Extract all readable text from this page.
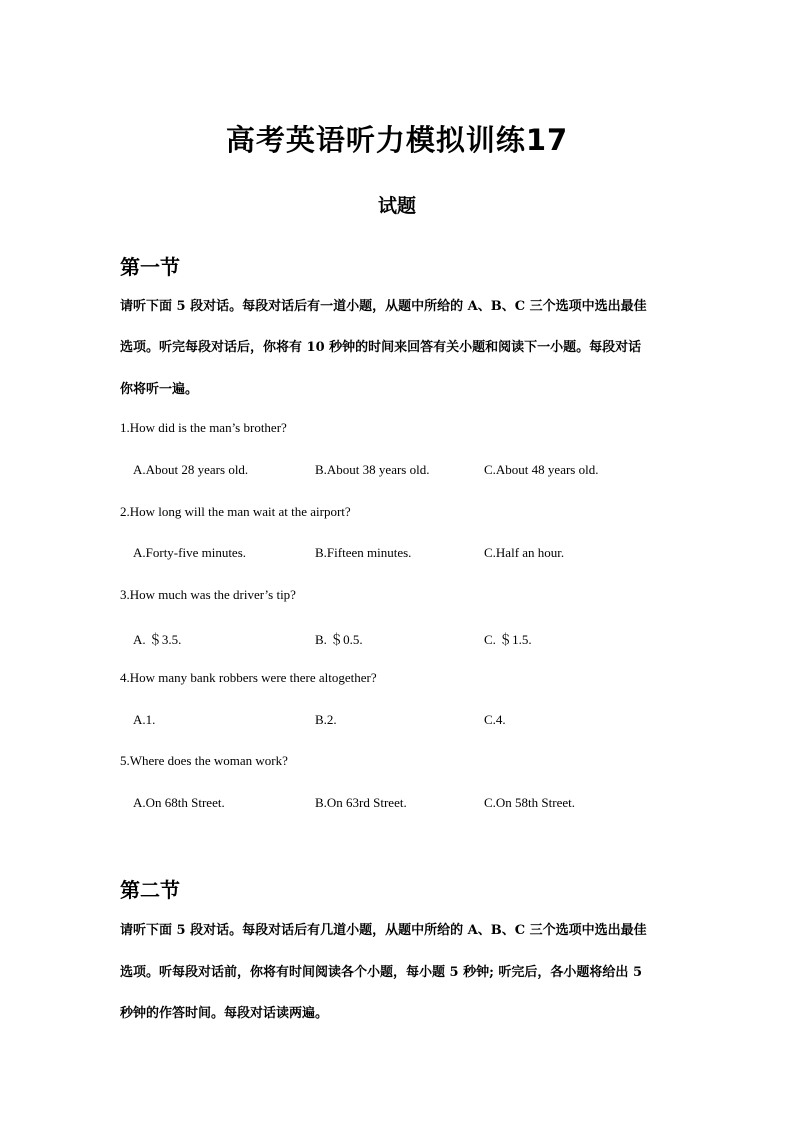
高考英语听力模拟训练17
试题
第一节
请听下面 5 段对话。每段对话后有一道小题，从题中所给的 A、B、C 三个选项中选出最佳
选项。听完每段对话后，你将有 10 秒钟的时间来回答有关小题和阅读下一小题。每段对话
你将听一遍。
1.How did is the man’s brother?
A.About 28 years old.	B.About 38 years old.	C.About 48 years old.
2.How long will the man wait at the airport?
A.Forty-five minutes.	B.Fifteen minutes.	C.Half an hour.
3.How much was the driver’s tip?
A. ＄3.5.	B. ＄0.5.	C. ＄1.5.
4.How many bank robbers were there altogether?
A.1.	B.2.	C.4.
5.Where does the woman work?
A.On 68th Street.	B.On 63rd Street.	C.On 58th Street.
第二节
请听下面 5 段对话。每段对话后有几道小题，从题中所给的 A、B、C 三个选项中选出最佳
选项。听每段对话前，你将有时间阅读各个小题，每小题 5 秒钟; 听完后，各小题将给出 5
秒钟的作答时间。每段对话读两遍。
